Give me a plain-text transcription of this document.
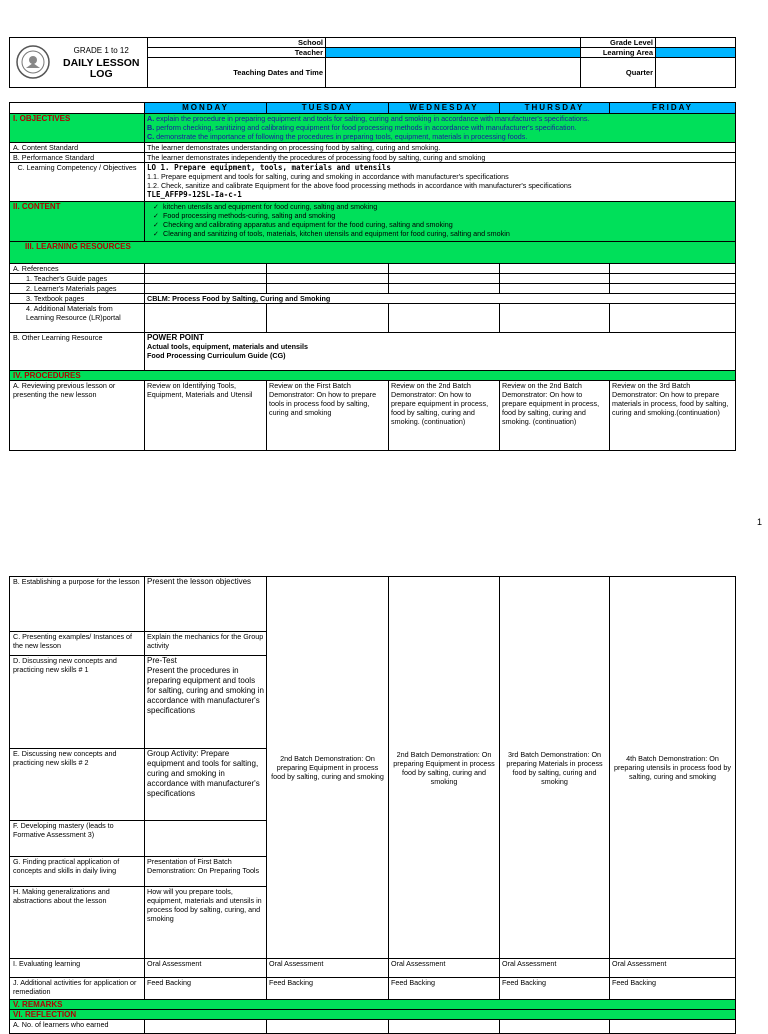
GRADE 1 to 12
DAILY LESSON
LOG	School		Grade Level	
		Teacher		Learning Area	
		Teaching Dates and Time		Quarter	
	MONDAY	TUESDAY	WEDNESDAY	THURSDAY	FRIDAY
I. OBJECTIVES	A. explain the procedure in preparing equipment and tools for salting, curing and smoking in accordance with manufacturer's specifications.
B. perform checking, sanitizing and calibrating equipment for food processing methods in accordance with manufacturer's specification.
C. demonstrate the importance of following the procedures in preparing tools, equipment, materials in processing foods.				

A. Content Standard	The learner demonstrates understanding on processing food by salting, curing and smoking.				
B. Performance Standard	The learner demonstrates independently the procedures of processing food by salting, curing and smoking				
C. Learning Competency / Objectives	LO 1. Prepare equipment, tools, materials and utensils
1.1. Prepare equipment and tools for salting, curing and smoking in accordance with manufacturer's specifications
1.2. Check, sanitize and calibrate Equipment for the above food processing methods in accordance with manufacturer's specifications
TLE_AFFP9-12SL-Ia-c-1				

II. CONTENT	✓  kitchen utensils and equipment for food curing, salting and smoking
✓  Food processing methods-curing, salting and smoking
✓  Checking and calibrating apparatus and equipment for the food curing, salting and smoking
✓  Cleaning and sanitizing of tools, materials, kitchen utensils and equipment for food curing, salting and smokin				

III. LEARNING RESOURCES					
A. References					
1. Teacher's Guide pages					
2. Learner's Materials pages					
3. Textbook pages	CBLM: Process Food by Salting, Curing and Smoking				
4. Additional Materials from Learning Resource (LR)portal					
B. Other Learning Resource	POWER POINT
Actual tools, equipment, materials and utensils
Food Processing Curriculum Guide (CG)				

IV. PROCEDURES					
A. Reviewing previous lesson or presenting the new lesson	Review on Identifying Tools, Equipment, Materials and Utensil	Review on the First Batch Demonstrator: On how to prepare tools in process food by salting, curing and smoking	Review on the 2nd Batch Demonstrator: On how to prepare equipment in process, food by salting, curing and smoking. (continuation)	Review on the 2nd Batch Demonstrator: On how to prepare equipment in process, food by salting, curing and smoking. (continuation)	Review on the 3rd Batch Demonstrator: On how to prepare materials in process, food by salting, curing and smoking.(continuation)
1
B. Establishing a purpose for the lesson	Present the lesson objectives	2nd Batch Demonstration: On preparing Equipment in process food by salting, curing and smoking	2nd Batch Demonstration: On preparing Equipment in process food by salting, curing and smoking	3rd Batch Demonstration: On preparing Materials in process food by salting, curing and smoking	4th Batch Demonstration: On preparing utensils in process food by salting, curing and smoking
C. Presenting examples/ Instances of the new lesson	Explain the mechanics for the Group activity				
D. Discussing new concepts and practicing new skills # 1	Pre-Test
Present the procedures in preparing equipment and tools for salting, curing and smoking in accordance with manufacturer's specifications				

E. Discussing new concepts and practicing new skills # 2	Group Activity: Prepare equipment and tools for salting, curing and smoking in accordance with manufacturer's specifications				
F. Developing mastery (leads to Formative Assessment 3)					
G. Finding practical application of concepts and skills in daily living	Presentation of First Batch Demonstration: On Preparing Tools				
H. Making generalizations and abstractions about the lesson	How will you prepare tools, equipment, materials and utensils in process food by salting, curing, and smoking				
I. Evaluating learning	Oral Assessment	Oral Assessment	Oral Assessment	Oral Assessment	Oral Assessment
J. Additional activities for application or remediation	Feed Backing	Feed Backing	Feed Backing	Feed Backing	Feed Backing
V. REMARKS					
VI. REFLECTION					
A. No. of learners who earned					
